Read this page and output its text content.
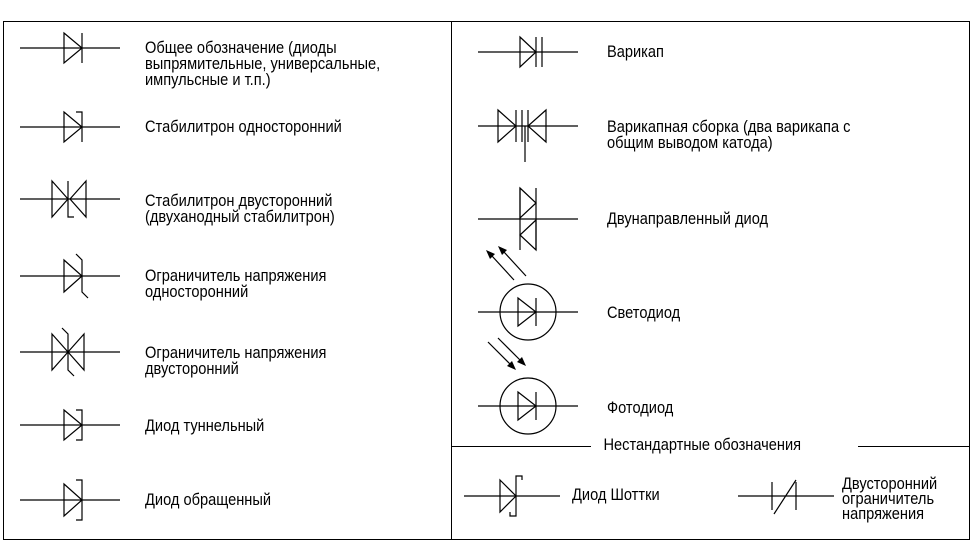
Нестандартные обозначения
Общее обозначение (диоды
выпрямительные, универсальные,
импульсные и т.п.)
Стабилитрон односторонний
Стабилитрон двусторонний
(двуханодный стабилитрон)
Ограничитель напряжения
односторонний
Ограничитель напряжения
двусторонний
Диод туннельный
Диод обращенный
Варикап
Варикапная сборка (два варикапа с
общим выводом катода)
Двунаправленный диод
Светодиод
Фотодиод
Диод Шоттки
Двусторонний
ограничитель
напряжения
